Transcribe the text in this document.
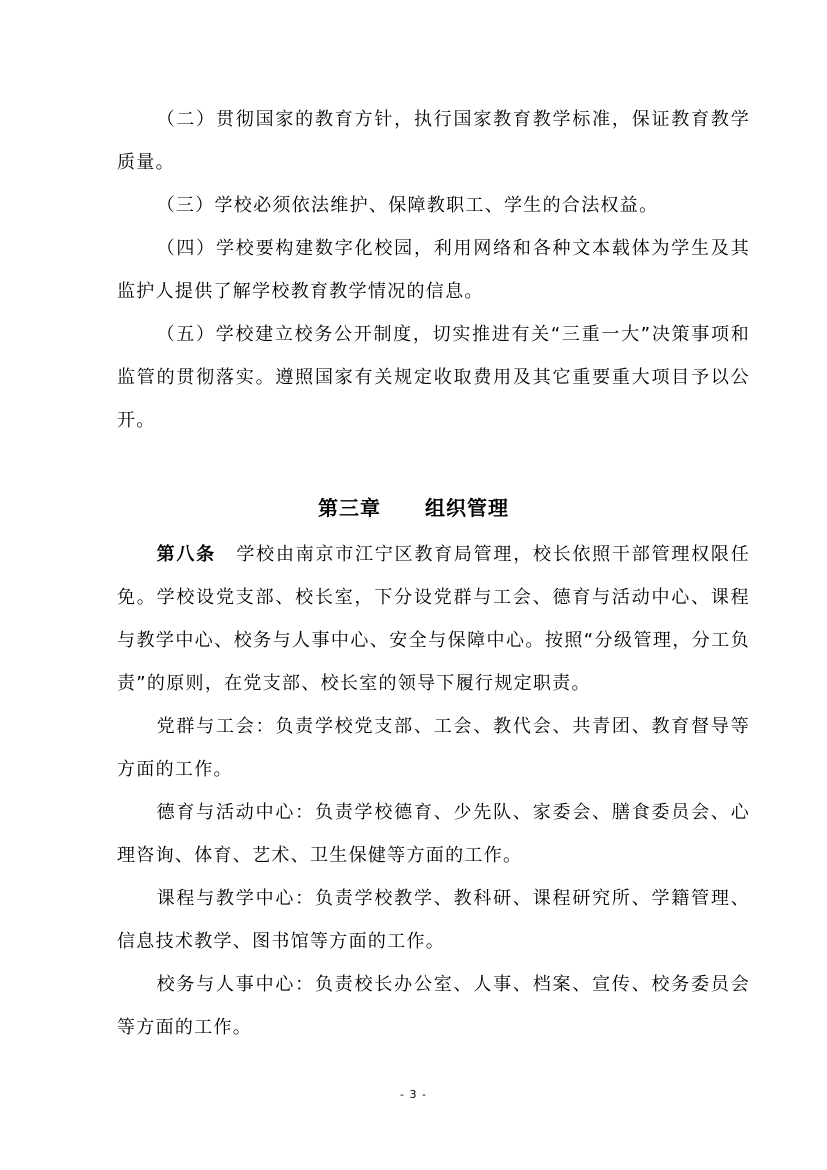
（二）贯彻国家的教育方针，执行国家教育教学标准，保证教育教学质量。

（三）学校必须依法维护、保障教职工、学生的合法权益。

（四）学校要构建数字化校园，利用网络和各种文本载体为学生及其监护人提供了解学校教育教学情况的信息。

（五）学校建立校务公开制度，切实推进有关“三重一大”决策事项和监管的贯彻落实。遵照国家有关规定收取费用及其它重要重大项目予以公开。

第三章 组织管理

第八条 学校由南京市江宁区教育局管理，校长依照干部管理权限任免。学校设党支部、校长室，下分设党群与工会、德育与活动中心、课程与教学中心、校务与人事中心、安全与保障中心。按照“分级管理，分工负责”的原则，在党支部、校长室的领导下履行规定职责。

党群与工会：负责学校党支部、工会、教代会、共青团、教育督导等方面的工作。

德育与活动中心：负责学校德育、少先队、家委会、膳食委员会、心理咨询、体育、艺术、卫生保健等方面的工作。

课程与教学中心：负责学校教学、教科研、课程研究所、学籍管理、信息技术教学、图书馆等方面的工作。

校务与人事中心：负责校长办公室、人事、档案、宣传、校务委员会等方面的工作。

- 3 -
